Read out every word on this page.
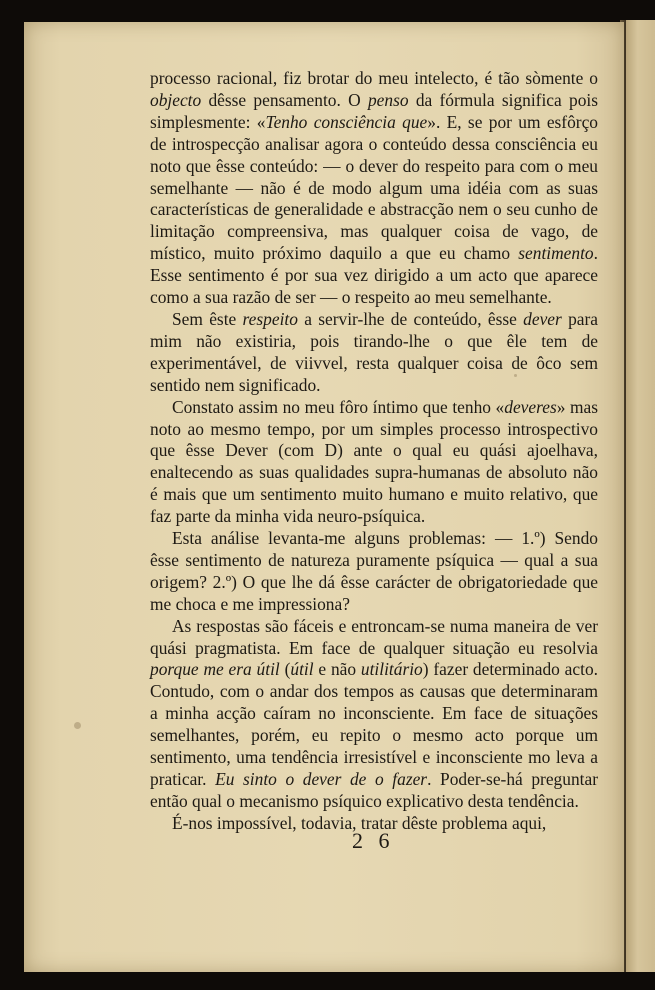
processo racional, fiz brotar do meu intelecto, é tão sòmente o objecto dêsse pensamento. O penso da fórmula significa pois simplesmente: «Tenho consciência que». E, se por um esfôrço de introspecção analisar agora o conteúdo dessa consciência eu noto que êsse conteúdo: — o dever do respeito para com o meu semelhante — não é de modo algum uma idéia com as suas características de generalidade e abstracção nem o seu cunho de limitação compreensiva, mas qualquer coisa de vago, de místico, muito próximo daquilo a que eu chamo sentimento. Esse sentimento é por sua vez dirigido a um acto que aparece como a sua razão de ser — o respeito ao meu semelhante.

Sem êste respeito a servir-lhe de conteúdo, êsse dever para mim não existiria, pois tirando-lhe o que êle tem de experimentável, de viivvel, resta qualquer coisa de ôco sem sentido nem significado.

Constato assim no meu fôro íntimo que tenho «deveres» mas noto ao mesmo tempo, por um simples processo introspectivo que êsse Dever (com D) ante o qual eu quási ajoelhava, enaltecendo as suas qualidades supra-humanas de absoluto não é mais que um sentimento muito humano e muito relativo, que faz parte da minha vida neuro-psíquica.

Esta análise levanta-me alguns problemas: — 1.º) Sendo êsse sentimento de natureza puramente psíquica — qual a sua origem? 2.º) O que lhe dá êsse carácter de obrigatoriedade que me choca e me impressiona?

As respostas são fáceis e entroncam-se numa maneira de ver quási pragmatista. Em face de qualquer situação eu resolvia porque me era útil (útil e não utilitário) fazer determinado acto. Contudo, com o andar dos tempos as causas que determinaram a minha acção caíram no inconsciente. Em face de situações semelhantes, porém, eu repito o mesmo acto porque um sentimento, uma tendência irresistível e inconsciente mo leva a praticar. Eu sinto o dever de o fazer. Poder-se-há preguntar então qual o mecanismo psíquico explicativo desta tendência.

É-nos impossível, todavia, tratar dêste problema aqui,

2 6
